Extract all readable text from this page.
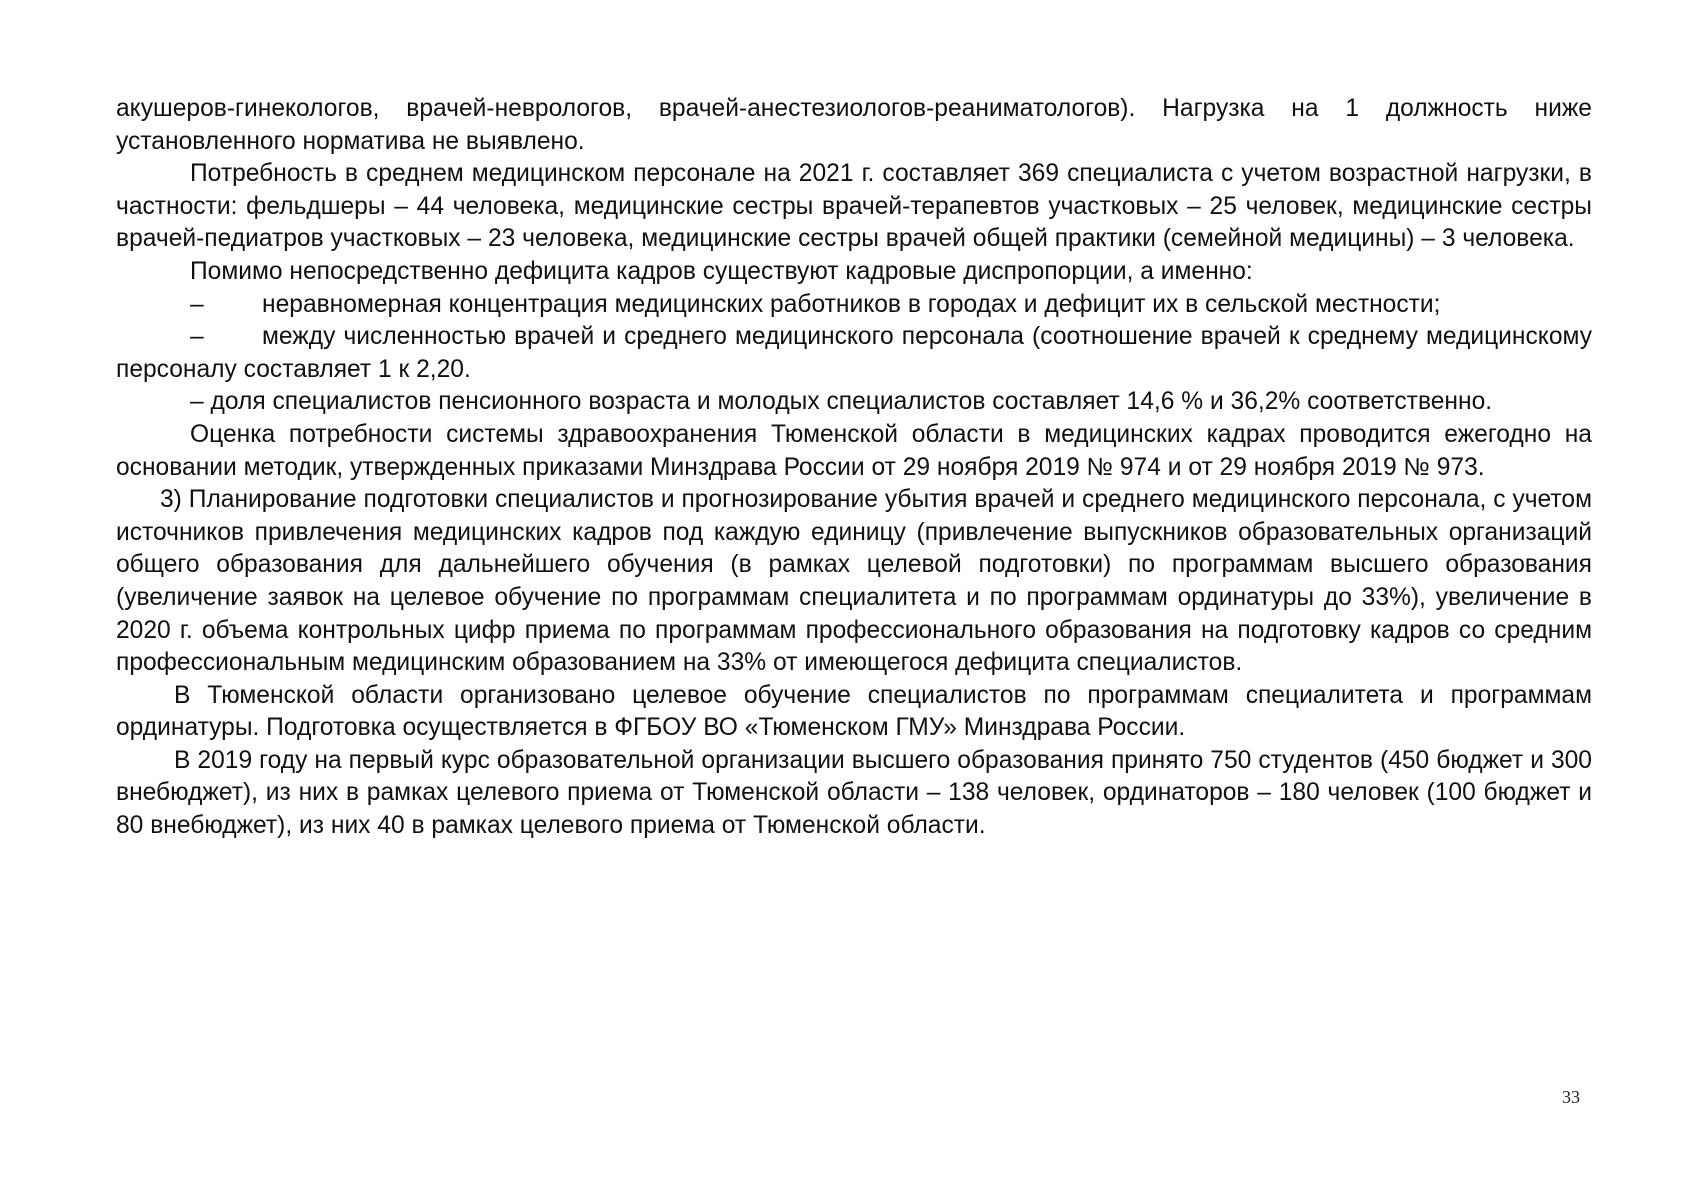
акушеров-гинекологов, врачей-неврологов, врачей-анестезиологов-реаниматологов). Нагрузка на 1 должность ниже установленного норматива не выявлено.

Потребность в среднем медицинском персонале на 2021 г. составляет 369 специалиста с учетом возрастной нагрузки, в частности: фельдшеры – 44 человека, медицинские сестры врачей-терапевтов участковых – 25 человек, медицинские сестры врачей-педиатров участковых – 23 человека, медицинские сестры врачей общей практики (семейной медицины) – 3 человека.

Помимо непосредственно дефицита кадров существуют кадровые диспропорции, а именно:

– неравномерная концентрация медицинских работников в городах и дефицит их в сельской местности;

– между численностью врачей и среднего медицинского персонала (соотношение врачей к среднему медицинскому персоналу составляет 1 к 2,20.

– доля специалистов пенсионного возраста и молодых специалистов составляет 14,6 % и 36,2% соответственно.

Оценка потребности системы здравоохранения Тюменской области в медицинских кадрах проводится ежегодно на основании методик, утвержденных приказами Минздрава России от 29 ноября 2019 № 974 и от 29 ноября 2019 № 973.

3) Планирование подготовки специалистов и прогнозирование убытия врачей и среднего медицинского персонала, с учетом источников привлечения медицинских кадров под каждую единицу (привлечение выпускников образовательных организаций общего образования для дальнейшего обучения (в рамках целевой подготовки) по программам высшего образования (увеличение заявок на целевое обучение по программам специалитета и по программам ординатуры до 33%), увеличение в 2020 г. объема контрольных цифр приема по программам профессионального образования на подготовку кадров со средним профессиональным медицинским образованием на 33% от имеющегося дефицита специалистов.

В Тюменской области организовано целевое обучение специалистов по программам специалитета и программам ординатуры. Подготовка осуществляется в ФГБОУ ВО «Тюменском ГМУ» Минздрава России.

В 2019 году на первый курс образовательной организации высшего образования принято 750 студентов (450 бюджет и 300 внебюджет), из них в рамках целевого приема от Тюменской области – 138 человек, ординаторов – 180 человек (100 бюджет и 80 внебюджет), из них 40 в рамках целевого приема от Тюменской области.

33
